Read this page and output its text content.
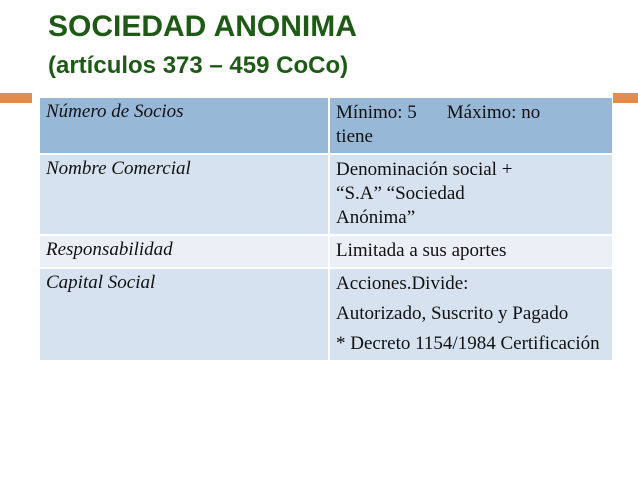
SOCIEDAD ANONIMA
(artículos 373 – 459 CoCo)
Número de Socios	Mínimo: 5 Máximo: no
tiene

Nombre Comercial	Denominación social +
“S.A” “Sociedad
Anónima”

Responsabilidad	Limitada a sus aportes

Capital Social	Acciones.Divide:
Autorizado, Suscrito y Pagado
* Decreto 1154/1984 Certificación
